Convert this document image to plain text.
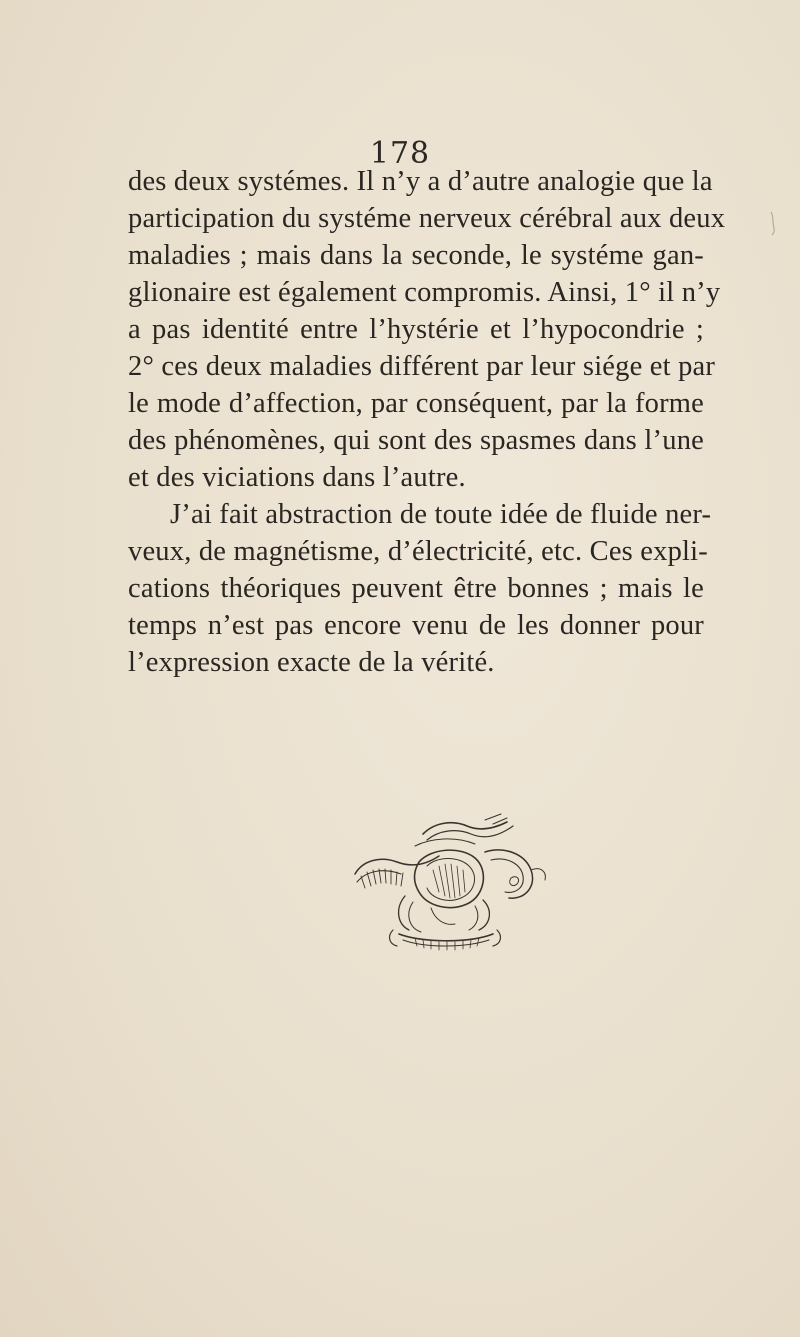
178
des deux systémes. Il n’y a d’autre analogie que la
participation du systéme nerveux cérébral aux deux
maladies ; mais dans la seconde, le systéme gan-
glionaire est également compromis. Ainsi, 1° il n’y
a pas identité entre l’hystérie et l’hypocondrie ;
2° ces deux maladies différent par leur siége et par
le mode d’affection, par conséquent, par la forme
des phénomènes, qui sont des spasmes dans l’une
et des viciations dans l’autre.
J’ai fait abstraction de toute idée de fluide ner-
veux, de magnétisme, d’électricité, etc. Ces expli-
cations théoriques peuvent être bonnes ; mais le
temps n’est pas encore venu de les donner pour
l’expression exacte de la vérité.
